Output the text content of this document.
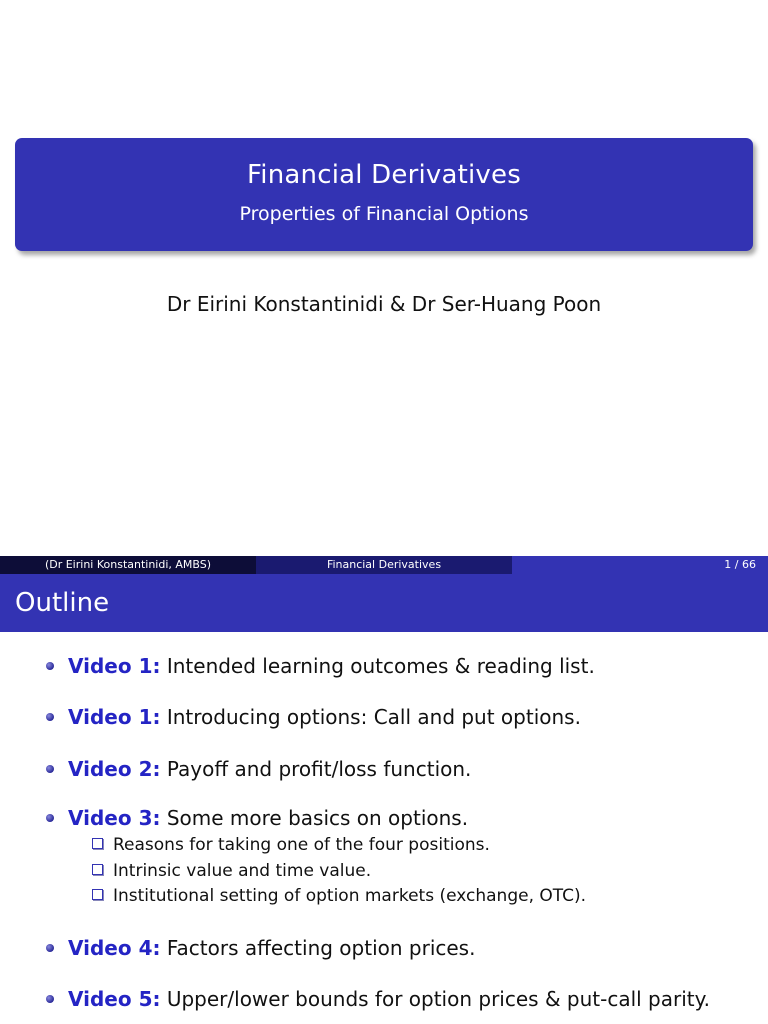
Financial Derivatives
Properties of Financial Options
Dr Eirini Konstantinidi & Dr Ser-Huang Poon
(Dr Eirini Konstantinidi, AMBS)	Financial Derivatives	1 / 66
Outline
Video 1: Intended learning outcomes & reading list.
Video 1: Introducing options: Call and put options.
Video 2: Payoff and profit/loss function.
Video 3: Some more basics on options.
Reasons for taking one of the four positions.
Intrinsic value and time value.
Institutional setting of option markets (exchange, OTC).
Video 4: Factors affecting option prices.
Video 5: Upper/lower bounds for option prices & put-call parity.
